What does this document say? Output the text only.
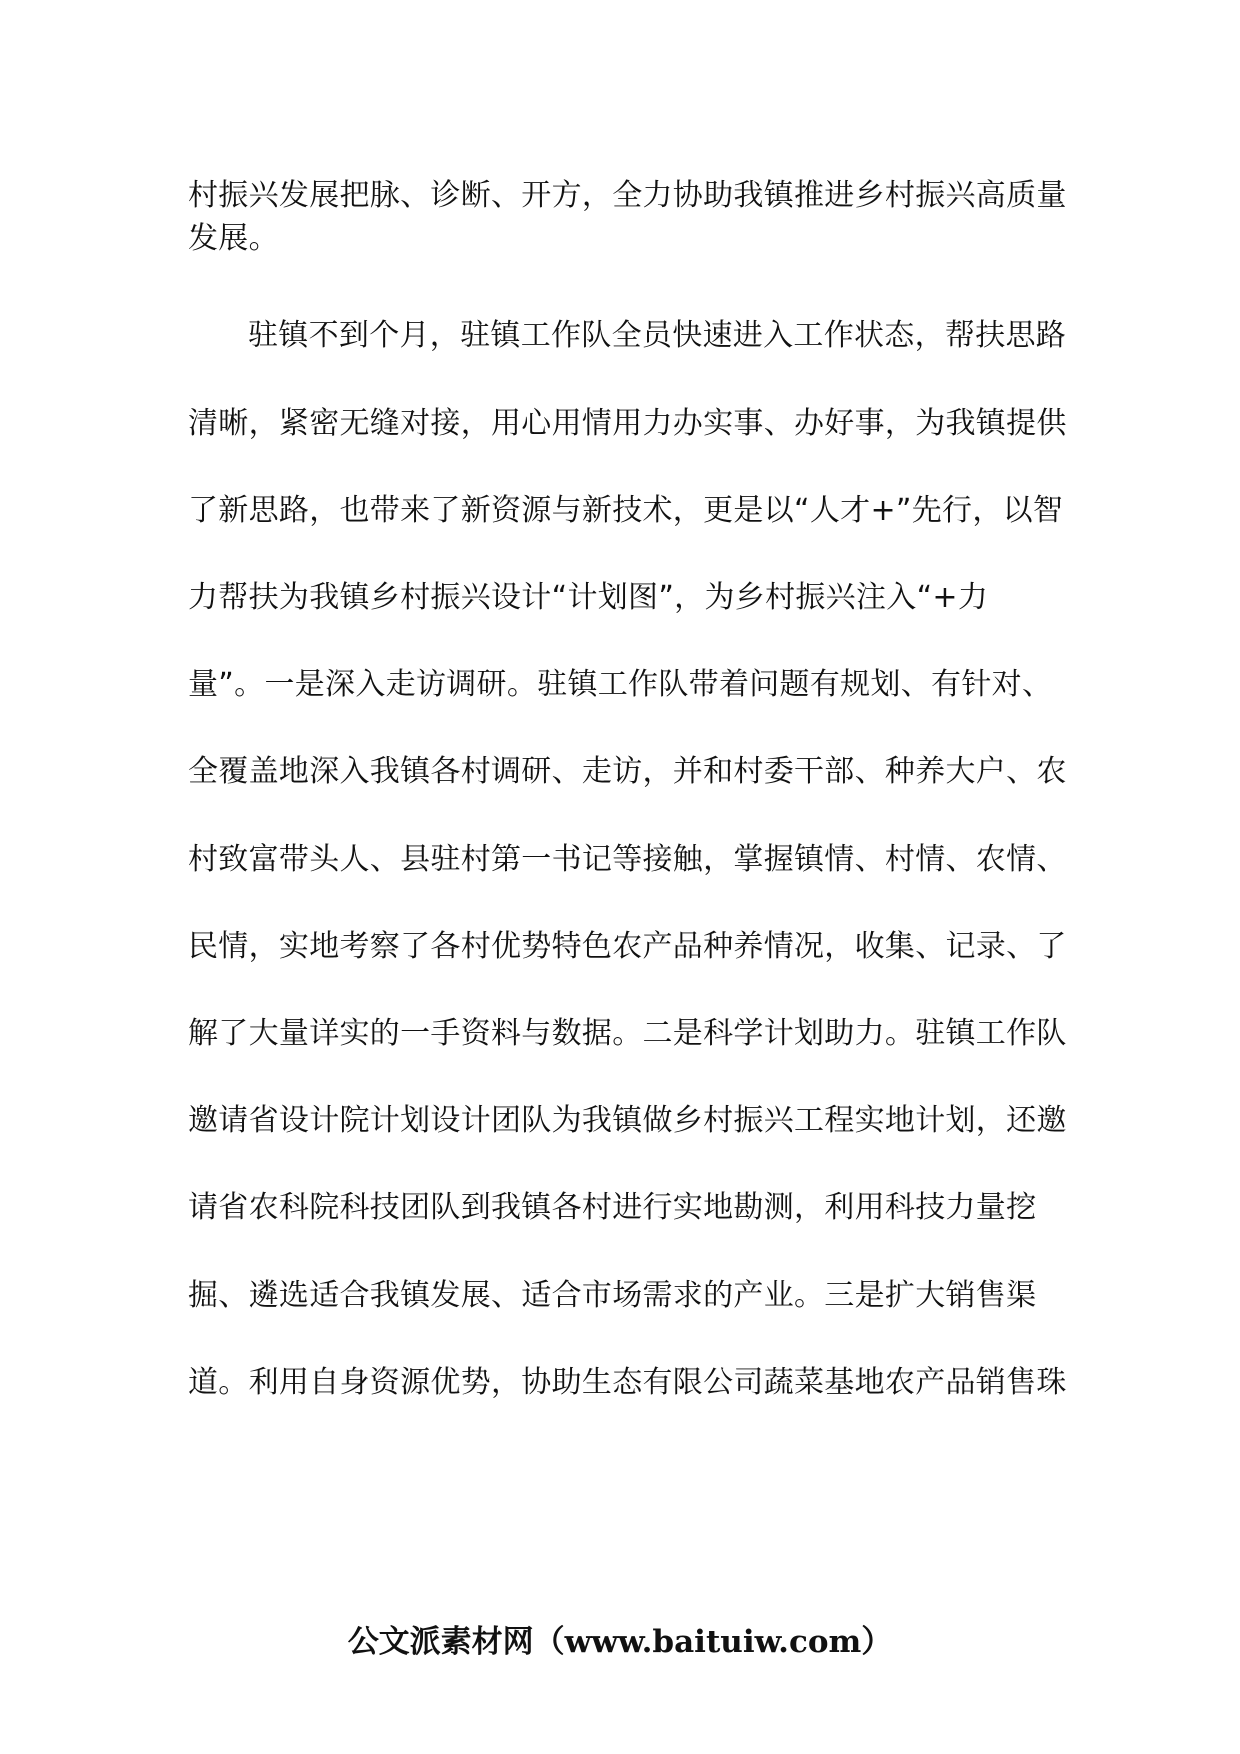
村振兴发展把脉、诊断、开方，全力协助我镇推进乡村振兴高质量
发展。
驻镇不到个月，驻镇工作队全员快速进入工作状态，帮扶思路
清晰，紧密无缝对接，用心用情用力办实事、办好事，为我镇提供
了新思路，也带来了新资源与新技术，更是以“人才+”先行，以智
力帮扶为我镇乡村振兴设计“计划图”，为乡村振兴注入“+力
量”。一是深入走访调研。驻镇工作队带着问题有规划、有针对、
全覆盖地深入我镇各村调研、走访，并和村委干部、种养大户、农
村致富带头人、县驻村第一书记等接触，掌握镇情、村情、农情、
民情，实地考察了各村优势特色农产品种养情况，收集、记录、了
解了大量详实的一手资料与数据。二是科学计划助力。驻镇工作队
邀请省设计院计划设计团队为我镇做乡村振兴工程实地计划，还邀
请省农科院科技团队到我镇各村进行实地勘测，利用科技力量挖
掘、遴选适合我镇发展、适合市场需求的产业。三是扩大销售渠
道。利用自身资源优势，协助生态有限公司蔬菜基地农产品销售珠
公文派素材网（www.baituiw.com）
